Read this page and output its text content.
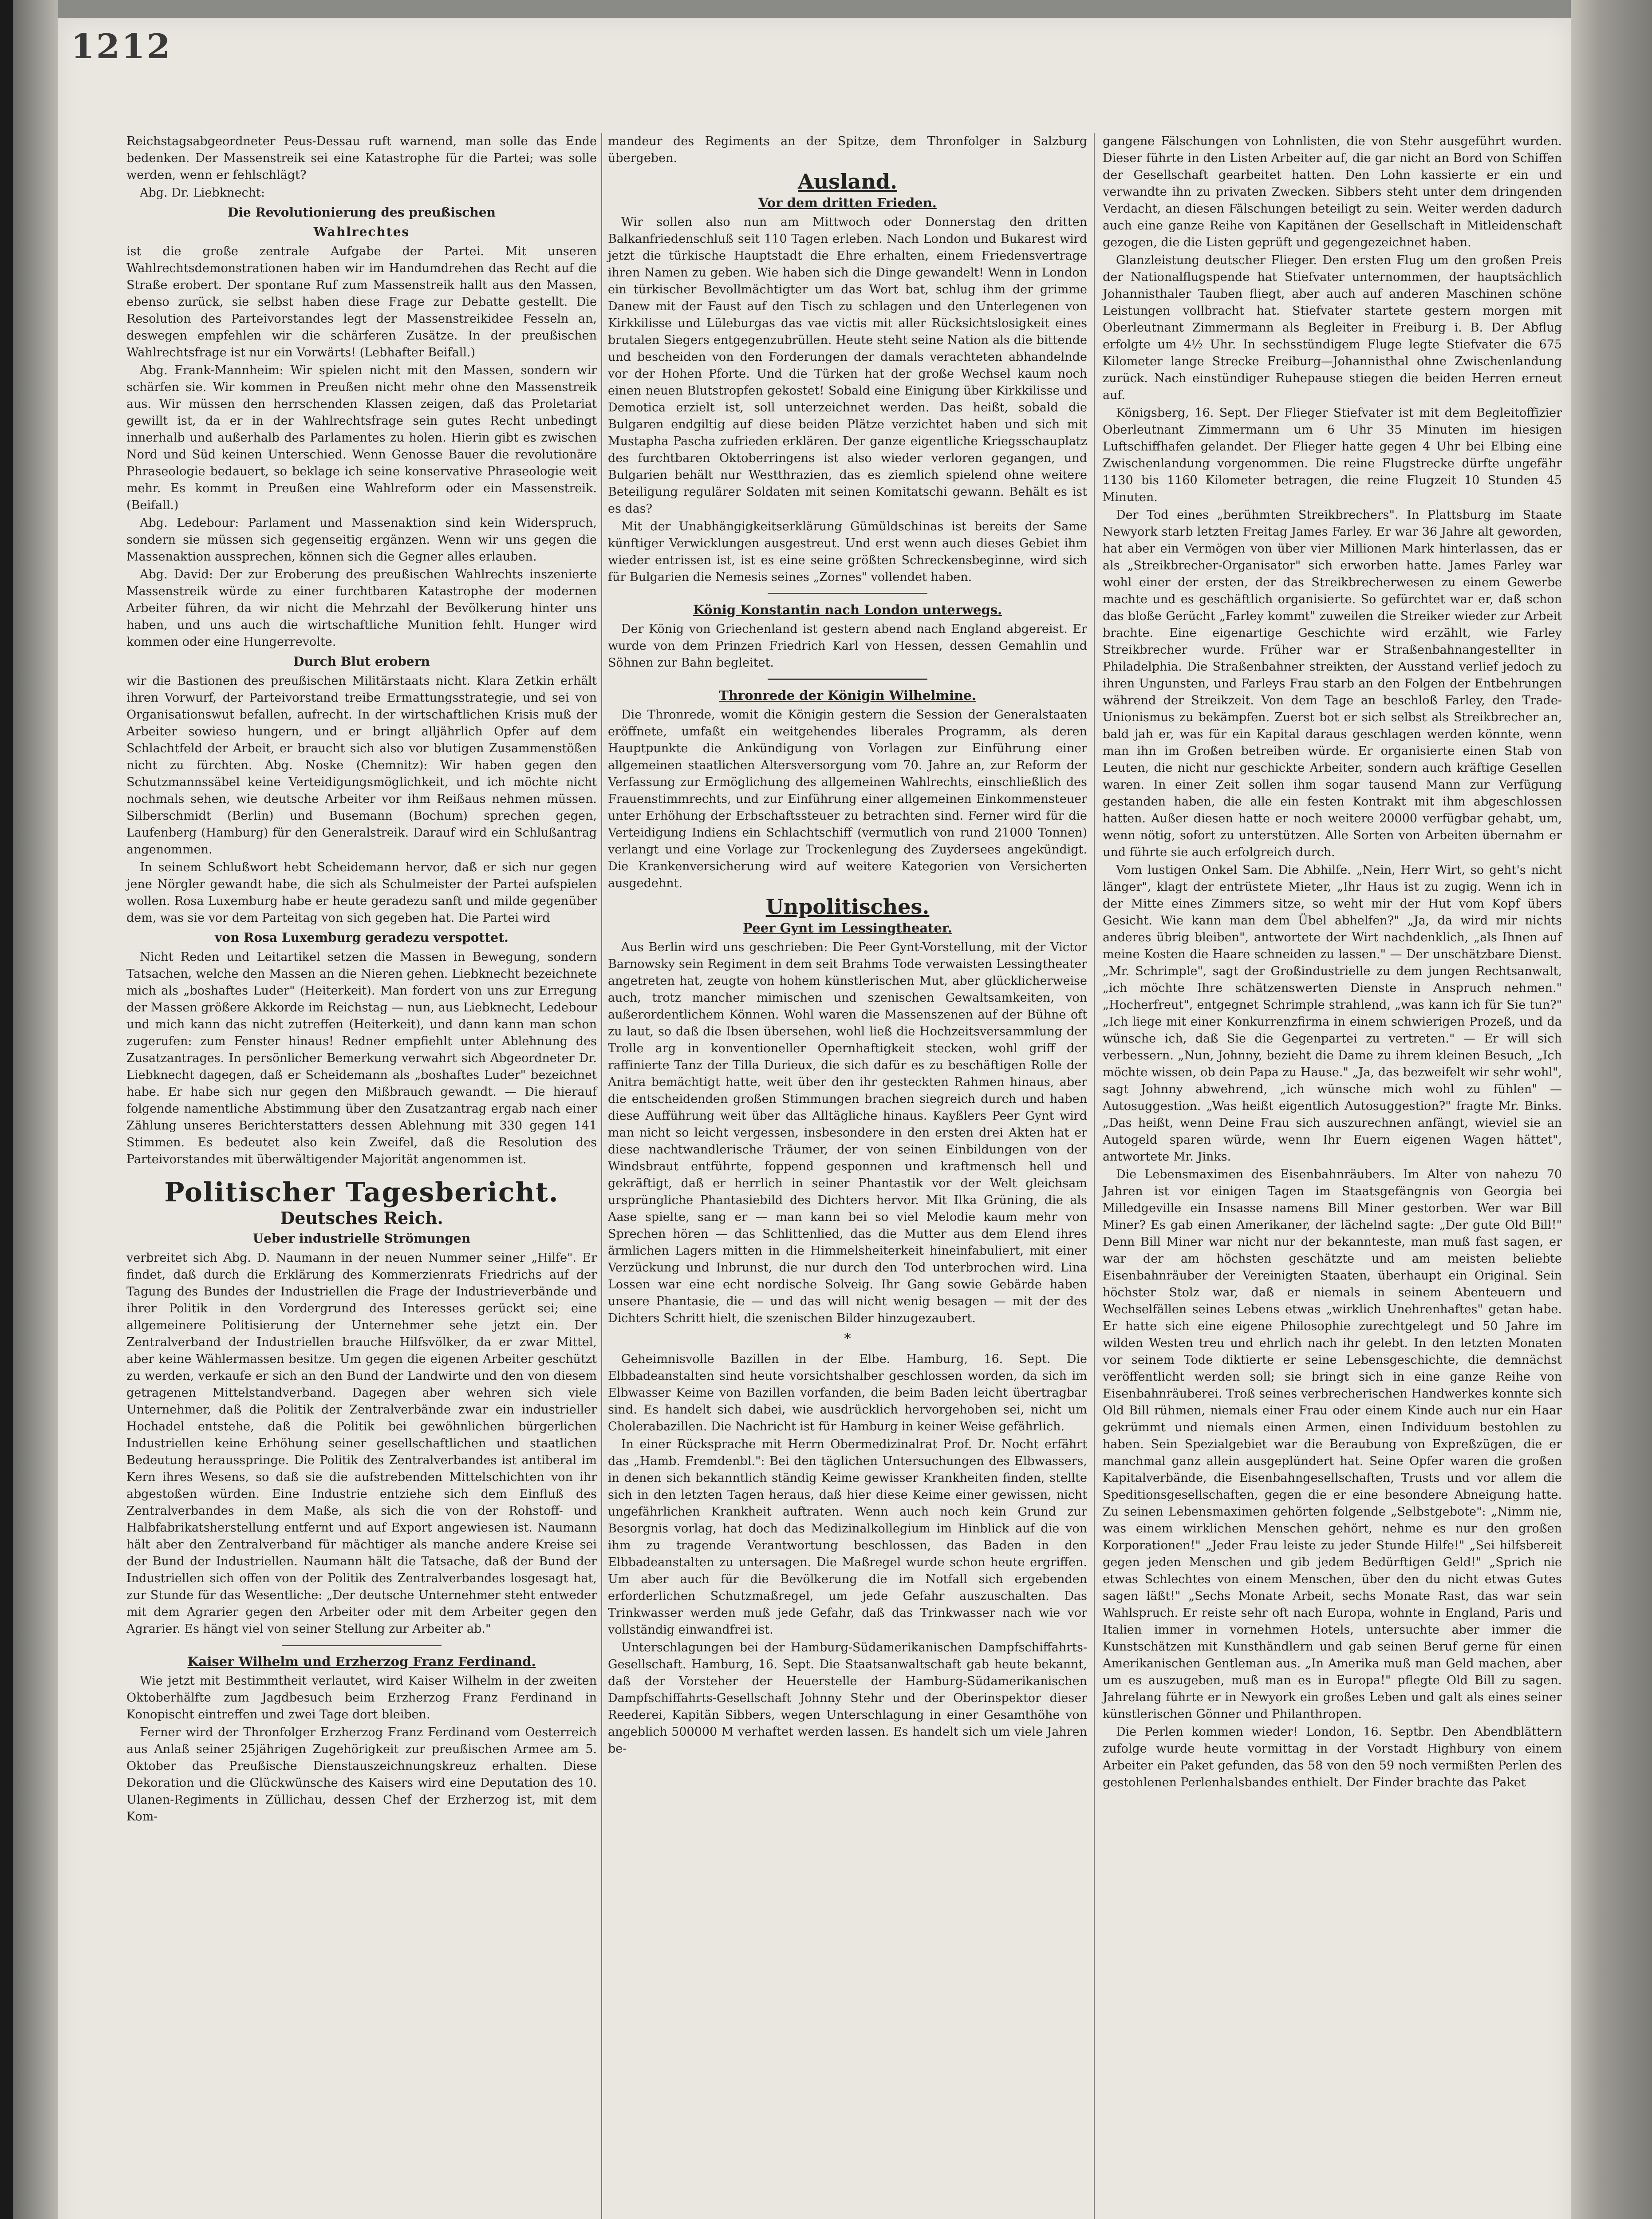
1212

Reichstagsabgeordneter Peus-Dessau ruft warnend, man solle das Ende bedenken. Der Massenstreik sei eine Katastrophe für die Partei; was solle werden, wenn er fehlschlägt?

Abg. Dr. Liebknecht:

Die Revolutionierung des preußischen
Wahlrechtes

ist die große zentrale Aufgabe der Partei. Mit unseren Wahlrechtsdemonstrationen haben wir im Handumdrehen das Recht auf die Straße erobert. Der spontane Ruf zum Massenstreik hallt aus den Massen, ebenso zurück, sie selbst haben diese Frage zur Debatte gestellt. Die Resolution des Parteivorstandes legt der Massenstreikidee Fesseln an, deswegen empfehlen wir die schärferen Zusätze. In der preußischen Wahlrechtsfrage ist nur ein Vorwärts! (Lebhafter Beifall.)

Abg. Frank-Mannheim: Wir spielen nicht mit den Massen, sondern wir schärfen sie. Wir kommen in Preußen nicht mehr ohne den Massenstreik aus. Wir müssen den herrschenden Klassen zeigen, daß das Proletariat gewillt ist, da er in der Wahlrechtsfrage sein gutes Recht unbedingt innerhalb und außerhalb des Parlamentes zu holen. Hierin gibt es zwischen Nord und Süd keinen Unterschied. Wenn Genosse Bauer die revolutionäre Phraseologie bedauert, so beklage ich seine konservative Phraseologie weit mehr. Es kommt in Preußen eine Wahlreform oder ein Massenstreik. (Beifall.)

Abg. Ledebour: Parlament und Massenaktion sind kein Widerspruch, sondern sie müssen sich gegenseitig ergänzen. Wenn wir uns gegen die Massenaktion aussprechen, können sich die Gegner alles erlauben.

Abg. David: Der zur Eroberung des preußischen Wahlrechts inszenierte Massenstreik würde zu einer furchtbaren Katastrophe der modernen Arbeiter führen, da wir nicht die Mehrzahl der Bevölkerung hinter uns haben, und uns auch die wirtschaftliche Munition fehlt. Hunger wird kommen oder eine Hungerrevolte.

Durch Blut erobern

wir die Bastionen des preußischen Militärstaats nicht. Klara Zetkin erhält ihren Vorwurf, der Parteivorstand treibe Ermattungsstrategie, und sei von Organisationswut befallen, aufrecht. In der wirtschaftlichen Krisis muß der Arbeiter sowieso hungern, und er bringt alljährlich Opfer auf dem Schlachtfeld der Arbeit, er braucht sich also vor blutigen Zusammenstößen nicht zu fürchten. Abg. Noske (Chemnitz): Wir haben gegen den Schutzmannssäbel keine Verteidigungsmöglichkeit, und ich möchte nicht nochmals sehen, wie deutsche Arbeiter vor ihm Reißaus nehmen müssen. Silberschmidt (Berlin) und Busemann (Bochum) sprechen gegen, Laufenberg (Hamburg) für den Generalstreik. Darauf wird ein Schlußantrag angenommen.

In seinem Schlußwort hebt Scheidemann hervor, daß er sich nur gegen jene Nörgler gewandt habe, die sich als Schulmeister der Partei aufspielen wollen. Rosa Luxemburg habe er heute geradezu sanft und milde gegenüber dem, was sie vor dem Parteitag von sich gegeben hat. Die Partei wird

von Rosa Luxemburg geradezu verspottet.

Nicht Reden und Leitartikel setzen die Massen in Bewegung, sondern Tatsachen, welche den Massen an die Nieren gehen. Liebknecht bezeichnete mich als „boshaftes Luder" (Heiterkeit). Man fordert von uns zur Erregung der Massen größere Akkorde im Reichstag — nun, aus Liebknecht, Ledebour und mich kann das nicht zutreffen (Heiterkeit), und dann kann man schon zugerufen: zum Fenster hinaus! Redner empfiehlt unter Ablehnung des Zusatzantrages. In persönlicher Bemerkung verwahrt sich Abgeordneter Dr. Liebknecht dagegen, daß er Scheidemann als „boshaftes Luder" bezeichnet habe. Er habe sich nur gegen den Mißbrauch gewandt. — Die hierauf folgende namentliche Abstimmung über den Zusatzantrag ergab nach einer Zählung unseres Berichterstatters dessen Ablehnung mit 330 gegen 141 Stimmen. Es bedeutet also kein Zweifel, daß die Resolution des Parteivorstandes mit überwältigender Majorität angenommen ist.

Politischer Tagesbericht.
Deutsches Reich.
Ueber industrielle Strömungen

verbreitet sich Abg. D. Naumann in der neuen Nummer seiner „Hilfe". Er findet, daß durch die Erklärung des Kommerzienrats Friedrichs auf der Tagung des Bundes der Industriellen die Frage der Industrieverbände und ihrer Politik in den Vordergrund des Interesses gerückt sei; eine allgemeinere Politisierung der Unternehmer sehe jetzt ein. Der Zentralverband der Industriellen brauche Hilfsvölker, da er zwar Mittel, aber keine Wählermassen besitze. Um gegen die eigenen Arbeiter geschützt zu werden, verkaufe er sich an den Bund der Landwirte und den von diesem getragenen Mittelstandverband. Dagegen aber wehren sich viele Unternehmer, daß die Politik der Zentralverbände zwar ein industrieller Hochadel entstehe, daß die Politik bei gewöhnlichen bürgerlichen Industriellen keine Erhöhung seiner gesellschaftlichen und staatlichen Bedeutung herausspringe. Die Politik des Zentralverbandes ist antiberal im Kern ihres Wesens, so daß sie die aufstrebenden Mittelschichten von ihr abgestoßen würden. Eine Industrie entziehe sich dem Einfluß des Zentralverbandes in dem Maße, als sich die von der Rohstoff- und Halbfabrikatsherstellung entfernt und auf Export angewiesen ist. Naumann hält aber den Zentralverband für mächtiger als manche andere Kreise sei der Bund der Industriellen. Naumann hält die Tatsache, daß der Bund der Industriellen sich offen von der Politik des Zentralverbandes losgesagt hat, zur Stunde für das Wesentliche: „Der deutsche Unternehmer steht entweder mit dem Agrarier gegen den Arbeiter oder mit dem Arbeiter gegen den Agrarier. Es hängt viel von seiner Stellung zur Arbeiter ab."

Kaiser Wilhelm und Erzherzog Franz Ferdinand.

Wie jetzt mit Bestimmtheit verlautet, wird Kaiser Wilhelm in der zweiten Oktoberhälfte zum Jagdbesuch beim Erzherzog Franz Ferdinand in Konopischt eintreffen und zwei Tage dort bleiben.

Ferner wird der Thronfolger Erzherzog Franz Ferdinand vom Oesterreich aus Anlaß seiner 25jährigen Zugehörigkeit zur preußischen Armee am 5. Oktober das Preußische Dienstauszeichnungskreuz erhalten. Diese Dekoration und die Glückwünsche des Kaisers wird eine Deputation des 10. Ulanen-Regiments in Züllichau, dessen Chef der Erzherzog ist, mit dem Kom-

mandeur des Regiments an der Spitze, dem Thronfolger in Salzburg übergeben.

Ausland.
Vor dem dritten Frieden.

Wir sollen also nun am Mittwoch oder Donnerstag den dritten Balkanfriedenschluß seit 110 Tagen erleben. Nach London und Bukarest wird jetzt die türkische Hauptstadt die Ehre erhalten, einem Friedensvertrage ihren Namen zu geben. Wie haben sich die Dinge gewandelt! Wenn in London ein türkischer Bevollmächtigter um das Wort bat, schlug ihm der grimme Danew mit der Faust auf den Tisch zu schlagen und den Unterlegenen von Kirkkilisse und Lüleburgas das vae victis mit aller Rücksichtslosigkeit eines brutalen Siegers entgegenzubrüllen. Heute steht seine Nation als die bittende und bescheiden von den Forderungen der damals verachteten abhandelnde vor der Hohen Pforte. Und die Türken hat der große Wechsel kaum noch einen neuen Blutstropfen gekostet! Sobald eine Einigung über Kirkkilisse und Demotica erzielt ist, soll unterzeichnet werden. Das heißt, sobald die Bulgaren endgiltig auf diese beiden Plätze verzichtet haben und sich mit Mustapha Pascha zufrieden erklären. Der ganze eigentliche Kriegsschauplatz des furchtbaren Oktoberringens ist also wieder verloren gegangen, und Bulgarien behält nur Westthrazien, das es ziemlich spielend ohne weitere Beteiligung regulärer Soldaten mit seinen Komitatschi gewann. Behält es ist es das?

Mit der Unabhängigkeitserklärung Gümüldschinas ist bereits der Same künftiger Verwicklungen ausgestreut. Und erst wenn auch dieses Gebiet ihm wieder entrissen ist, ist es eine seine größten Schreckensbeginne, wird sich für Bulgarien die Nemesis seines „Zornes" vollendet haben.

König Konstantin nach London unterwegs.

Der König von Griechenland ist gestern abend nach England abgereist. Er wurde von dem Prinzen Friedrich Karl von Hessen, dessen Gemahlin und Söhnen zur Bahn begleitet.

Thronrede der Königin Wilhelmine.

Die Thronrede, womit die Königin gestern die Session der Generalstaaten eröffnete, umfaßt ein weitgehendes liberales Programm, als deren Hauptpunkte die Ankündigung von Vorlagen zur Einführung einer allgemeinen staatlichen Altersversorgung vom 70. Jahre an, zur Reform der Verfassung zur Ermöglichung des allgemeinen Wahlrechts, einschließlich des Frauenstimmrechts, und zur Einführung einer allgemeinen Einkommensteuer unter Erhöhung der Erbschaftssteuer zu betrachten sind. Ferner wird für die Verteidigung Indiens ein Schlachtschiff (vermutlich von rund 21000 Tonnen) verlangt und eine Vorlage zur Trockenlegung des Zuydersees angekündigt. Die Krankenversicherung wird auf weitere Kategorien von Versicherten ausgedehnt.

Unpolitisches.
Peer Gynt im Lessingtheater.

Aus Berlin wird uns geschrieben: Die Peer Gynt-Vorstellung, mit der Victor Barnowsky sein Regiment in dem seit Brahms Tode verwaisten Lessingtheater angetreten hat, zeugte von hohem künstlerischen Mut, aber glücklicherweise auch, trotz mancher mimischen und szenischen Gewaltsamkeiten, von außerordentlichem Können. Wohl waren die Massenszenen auf der Bühne oft zu laut, so daß die Ibsen übersehen, wohl ließ die Hochzeitsversammlung der Trolle arg in konventioneller Opernhaftigkeit stecken, wohl griff der raffinierte Tanz der Tilla Durieux, die sich dafür es zu beschäftigen Rolle der Anitra bemächtigt hatte, weit über den ihr gesteckten Rahmen hinaus, aber die entscheidenden großen Stimmungen brachen siegreich durch und haben diese Aufführung weit über das Alltägliche hinaus. Kayßlers Peer Gynt wird man nicht so leicht vergessen, insbesondere in den ersten drei Akten hat er diese nachtwandlerische Träumer, der von seinen Einbildungen von der Windsbraut entführte, foppend gesponnen und kraftmensch hell und gekräftigt, daß er herrlich in seiner Phantastik vor der Welt gleichsam ursprüngliche Phantasiebild des Dichters hervor. Mit Ilka Grüning, die als Aase spielte, sang er — man kann bei so viel Melodie kaum mehr von Sprechen hören — das Schlittenlied, das die Mutter aus dem Elend ihres ärmlichen Lagers mitten in die Himmelsheiterkeit hineinfabuliert, mit einer Verzückung und Inbrunst, die nur durch den Tod unterbrochen wird. Lina Lossen war eine echt nordische Solveig. Ihr Gang sowie Gebärde haben unsere Phantasie, die — und das will nicht wenig besagen — mit der des Dichters Schritt hielt, die szenischen Bilder hinzugezaubert.

*

Geheimnisvolle Bazillen in der Elbe. Hamburg, 16. Sept. Die Elbbadeanstalten sind heute vorsichtshalber geschlossen worden, da sich im Elbwasser Keime von Bazillen vorfanden, die beim Baden leicht übertragbar sind. Es handelt sich dabei, wie ausdrücklich hervorgehoben sei, nicht um Cholerabazillen. Die Nachricht ist für Hamburg in keiner Weise gefährlich.

In einer Rücksprache mit Herrn Obermedizinalrat Prof. Dr. Nocht erfährt das „Hamb. Fremdenbl.": Bei den täglichen Untersuchungen des Elbwassers, in denen sich bekanntlich ständig Keime gewisser Krankheiten finden, stellte sich in den letzten Tagen heraus, daß hier diese Keime einer gewissen, nicht ungefährlichen Krankheit auftraten. Wenn auch noch kein Grund zur Besorgnis vorlag, hat doch das Medizinalkollegium im Hinblick auf die von ihm zu tragende Verantwortung beschlossen, das Baden in den Elbbadeanstalten zu untersagen. Die Maßregel wurde schon heute ergriffen. Um aber auch für die Bevölkerung die im Notfall sich ergebenden erforderlichen Schutzmaßregel, um jede Gefahr auszuschalten. Das Trinkwasser werden muß jede Gefahr, daß das Trinkwasser nach wie vor vollständig einwandfrei ist.

Unterschlagungen bei der Hamburg-Südamerikanischen Dampfschiffahrts-Gesellschaft. Hamburg, 16. Sept. Die Staatsanwaltschaft gab heute bekannt, daß der Vorsteher der Heuerstelle der Hamburg-Südamerikanischen Dampfschiffahrts-Gesellschaft Johnny Stehr und der Oberinspektor dieser Reederei, Kapitän Sibbers, wegen Unterschlagung in einer Gesamthöhe von angeblich 500000 M verhaftet werden lassen. Es handelt sich um viele Jahren be-

gangene Fälschungen von Lohnlisten, die von Stehr ausgeführt wurden. Dieser führte in den Listen Arbeiter auf, die gar nicht an Bord von Schiffen der Gesellschaft gearbeitet hatten. Den Lohn kassierte er ein und verwandte ihn zu privaten Zwecken. Sibbers steht unter dem dringenden Verdacht, an diesen Fälschungen beteiligt zu sein. Weiter werden dadurch auch eine ganze Reihe von Kapitänen der Gesellschaft in Mitleidenschaft gezogen, die die Listen geprüft und gegengezeichnet haben.

Glanzleistung deutscher Flieger. Den ersten Flug um den großen Preis der Nationalflugspende hat Stiefvater unternommen, der hauptsächlich Johannisthaler Tauben fliegt, aber auch auf anderen Maschinen schöne Leistungen vollbracht hat. Stiefvater startete gestern morgen mit Oberleutnant Zimmermann als Begleiter in Freiburg i. B. Der Abflug erfolgte um 4½ Uhr. In sechsstündigem Fluge legte Stiefvater die 675 Kilometer lange Strecke Freiburg—Johannisthal ohne Zwischenlandung zurück. Nach einstündiger Ruhepause stiegen die beiden Herren erneut auf.

Königsberg, 16. Sept. Der Flieger Stiefvater ist mit dem Begleitoffizier Oberleutnant Zimmermann um 6 Uhr 35 Minuten im hiesigen Luftschiffhafen gelandet. Der Flieger hatte gegen 4 Uhr bei Elbing eine Zwischenlandung vorgenommen. Die reine Flugstrecke dürfte ungefähr 1130 bis 1160 Kilometer betragen, die reine Flugzeit 10 Stunden 45 Minuten.

Der Tod eines „berühmten Streikbrechers". In Plattsburg im Staate Newyork starb letzten Freitag James Farley. Er war 36 Jahre alt geworden, hat aber ein Vermögen von über vier Millionen Mark hinterlassen, das er als „Streikbrecher-Organisator" sich erworben hatte. James Farley war wohl einer der ersten, der das Streikbrecherwesen zu einem Gewerbe machte und es geschäftlich organisierte. So gefürchtet war er, daß schon das bloße Gerücht „Farley kommt" zuweilen die Streiker wieder zur Arbeit brachte. Eine eigenartige Geschichte wird erzählt, wie Farley Streikbrecher wurde. Früher war er Straßenbahnangestellter in Philadelphia. Die Straßenbahner streikten, der Ausstand verlief jedoch zu ihren Ungunsten, und Farleys Frau starb an den Folgen der Entbehrungen während der Streikzeit. Von dem Tage an beschloß Farley, den Trade-Unionismus zu bekämpfen. Zuerst bot er sich selbst als Streikbrecher an, bald jah er, was für ein Kapital daraus geschlagen werden könnte, wenn man ihn im Großen betreiben würde. Er organisierte einen Stab von Leuten, die nicht nur geschickte Arbeiter, sondern auch kräftige Gesellen waren. In einer Zeit sollen ihm sogar tausend Mann zur Verfügung gestanden haben, die alle ein festen Kontrakt mit ihm abgeschlossen hatten. Außer diesen hatte er noch weitere 20000 verfügbar gehabt, um, wenn nötig, sofort zu unterstützen. Alle Sorten von Arbeiten übernahm er und führte sie auch erfolgreich durch.

Vom lustigen Onkel Sam. Die Abhilfe. „Nein, Herr Wirt, so geht's nicht länger", klagt der entrüstete Mieter, „Ihr Haus ist zu zugig. Wenn ich in der Mitte eines Zimmers sitze, so weht mir der Hut vom Kopf übers Gesicht. Wie kann man dem Übel abhelfen?" „Ja, da wird mir nichts anderes übrig bleiben", antwortete der Wirt nachdenklich, „als Ihnen auf meine Kosten die Haare schneiden zu lassen." — Der unschätzbare Dienst. „Mr. Schrimple", sagt der Großindustrielle zu dem jungen Rechtsanwalt, „ich möchte Ihre schätzenswerten Dienste in Anspruch nehmen." „Hocherfreut", entgegnet Schrimple strahlend, „was kann ich für Sie tun?" „Ich liege mit einer Konkurrenzfirma in einem schwierigen Prozeß, und da wünsche ich, daß Sie die Gegenpartei zu vertreten." — Er will sich verbessern. „Nun, Johnny, bezieht die Dame zu ihrem kleinen Besuch, „Ich möchte wissen, ob dein Papa zu Hause." „Ja, das bezweifelt wir sehr wohl", sagt Johnny abwehrend, „ich wünsche mich wohl zu fühlen" — Autosuggestion. „Was heißt eigentlich Autosuggestion?" fragte Mr. Binks. „Das heißt, wenn Deine Frau sich auszurechnen anfängt, wieviel sie an Autogeld sparen würde, wenn Ihr Euern eigenen Wagen hättet", antwortete Mr. Jinks.

Die Lebensmaximen des Eisenbahnräubers. Im Alter von nahezu 70 Jahren ist vor einigen Tagen im Staatsgefängnis von Georgia bei Milledgeville ein Insasse namens Bill Miner gestorben. Wer war Bill Miner? Es gab einen Amerikaner, der lächelnd sagte: „Der gute Old Bill!" Denn Bill Miner war nicht nur der bekannteste, man muß fast sagen, er war der am höchsten geschätzte und am meisten beliebte Eisenbahnräuber der Vereinigten Staaten, überhaupt ein Original. Sein höchster Stolz war, daß er niemals in seinem Abenteuern und Wechselfällen seines Lebens etwas „wirklich Unehrenhaftes" getan habe. Er hatte sich eine eigene Philosophie zurechtgelegt und 50 Jahre im wilden Westen treu und ehrlich nach ihr gelebt. In den letzten Monaten vor seinem Tode diktierte er seine Lebensgeschichte, die demnächst veröffentlicht werden soll; sie bringt sich in eine ganze Reihe von Eisenbahnräuberei. Troß seines verbrecherischen Handwerkes konnte sich Old Bill rühmen, niemals einer Frau oder einem Kinde auch nur ein Haar gekrümmt und niemals einen Armen, einen Individuum bestohlen zu haben. Sein Spezialgebiet war die Beraubung von Expreßzügen, die er manchmal ganz allein ausgeplündert hat. Seine Opfer waren die großen Kapitalverbände, die Eisenbahngesellschaften, Trusts und vor allem die Speditionsgesellschaften, gegen die er eine besondere Abneigung hatte. Zu seinen Lebensmaximen gehörten folgende „Selbstgebote": „Nimm nie, was einem wirklichen Menschen gehört, nehme es nur den großen Korporationen!" „Jeder Frau leiste zu jeder Stunde Hilfe!" „Sei hilfsbereit gegen jeden Menschen und gib jedem Bedürftigen Geld!" „Sprich nie etwas Schlechtes von einem Menschen, über den du nicht etwas Gutes sagen läßt!" „Sechs Monate Arbeit, sechs Monate Rast, das war sein Wahlspruch. Er reiste sehr oft nach Europa, wohnte in England, Paris und Italien immer in vornehmen Hotels, untersuchte aber immer die Kunstschätzen mit Kunsthändlern und gab seinen Beruf gerne für einen Amerikanischen Gentleman aus. „In Amerika muß man Geld machen, aber um es auszugeben, muß man es in Europa!" pflegte Old Bill zu sagen. Jahrelang führte er in Newyork ein großes Leben und galt als eines seiner künstlerischen Gönner und Philanthropen.

Die Perlen kommen wieder! London, 16. Septbr. Den Abendblättern zufolge wurde heute vormittag in der Vorstadt Highbury von einem Arbeiter ein Paket gefunden, das 58 von den 59 noch vermißten Perlen des gestohlenen Perlenhalsbandes enthielt. Der Finder brachte das Paket
